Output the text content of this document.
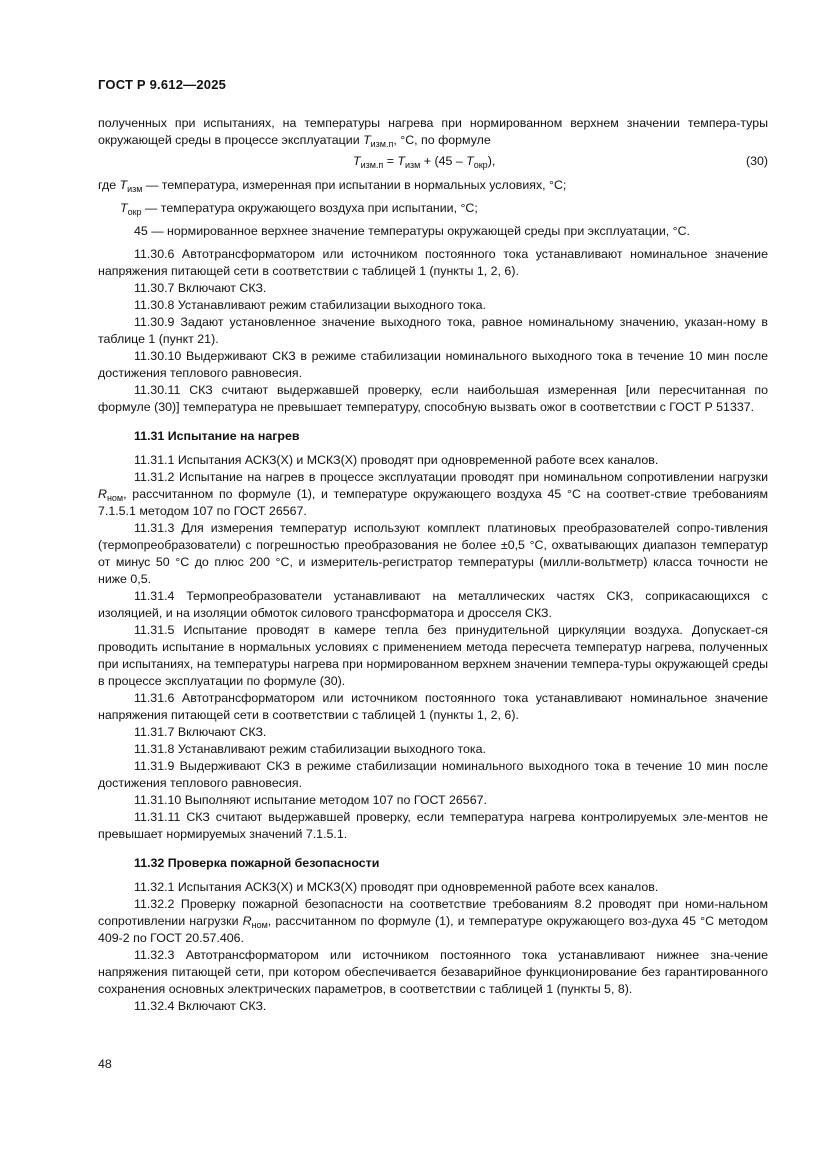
ГОСТ Р 9.612—2025

полученных при испытаниях, на температуры нагрева при нормированном верхнем значении темпера-туры окружающей среды в процессе эксплуатации $T_{изм.п}$, °С, по формуле

$T_{изм.п} = T_{изм} + (45 - T_{окр})$,	(30)

где $T_{изм}$ — температура, измеренная при испытании в нормальных условиях, °С;

$T_{окр}$ — температура окружающего воздуха при испытании, °С;

45 — нормированное верхнее значение температуры окружающей среды при эксплуатации, °С.

11.30.6 Автотрансформатором или источником постоянного тока устанавливают номинальное значение напряжения питающей сети в соответствии с таблицей 1 (пункты 1, 2, 6).

11.30.7 Включают СКЗ.

11.30.8 Устанавливают режим стабилизации выходного тока.

11.30.9 Задают установленное значение выходного тока, равное номинальному значению, указан-ному в таблице 1 (пункт 21).

11.30.10 Выдерживают СКЗ в режиме стабилизации номинального выходного тока в течение 10 мин после достижения теплового равновесия.

11.30.11 СКЗ считают выдержавшей проверку, если наибольшая измеренная [или пересчитанная по формуле (30)] температура не превышает температуру, способную вызвать ожог в соответствии с ГОСТ Р 51337.

11.31 Испытание на нагрев

11.31.1 Испытания АСКЗ(Х) и МСКЗ(Х) проводят при одновременной работе всех каналов.

11.31.2 Испытание на нагрев в процессе эксплуатации проводят при номинальном сопротивлении нагрузки $R_{ном}$, рассчитанном по формуле (1), и температуре окружающего воздуха 45 °С на соответ-ствие требованиям 7.1.5.1 методом 107 по ГОСТ 26567.

11.31.3 Для измерения температур используют комплект платиновых преобразователей сопро-тивления (термопреобразователи) с погрешностью преобразования не более ±0,5 °С, охватывающих диапазон температур от минус 50 °С до плюс 200 °С, и измеритель-регистратор температуры (милли-вольтметр) класса точности не ниже 0,5.

11.31.4 Термопреобразователи устанавливают на металлических частях СКЗ, соприкасающихся с изоляцией, и на изоляции обмоток силового трансформатора и дросселя СКЗ.

11.31.5 Испытание проводят в камере тепла без принудительной циркуляции воздуха. Допускает-ся проводить испытание в нормальных условиях с применением метода пересчета температур нагрева, полученных при испытаниях, на температуры нагрева при нормированном верхнем значении темпера-туры окружающей среды в процессе эксплуатации по формуле (30).

11.31.6 Автотрансформатором или источником постоянного тока устанавливают номинальное значение напряжения питающей сети в соответствии с таблицей 1 (пункты 1, 2, 6).

11.31.7 Включают СКЗ.

11.31.8 Устанавливают режим стабилизации выходного тока.

11.31.9 Выдерживают СКЗ в режиме стабилизации номинального выходного тока в течение 10 мин после достижения теплового равновесия.

11.31.10 Выполняют испытание методом 107 по ГОСТ 26567.

11.31.11 СКЗ считают выдержавшей проверку, если температура нагрева контролируемых эле-ментов не превышает нормируемых значений 7.1.5.1.

11.32 Проверка пожарной безопасности

11.32.1 Испытания АСКЗ(Х) и МСКЗ(Х) проводят при одновременной работе всех каналов.

11.32.2 Проверку пожарной безопасности на соответствие требованиям 8.2 проводят при номи-нальном сопротивлении нагрузки $R_{ном}$, рассчитанном по формуле (1), и температуре окружающего воз-духа 45 °С методом 409-2 по ГОСТ 20.57.406.

11.32.3 Автотрансформатором или источником постоянного тока устанавливают нижнее зна-чение напряжения питающей сети, при котором обеспечивается безаварийное функционирование без гарантированного сохранения основных электрических параметров, в соответствии с таблицей 1 (пункты 5, 8).

11.32.4 Включают СКЗ.

48
